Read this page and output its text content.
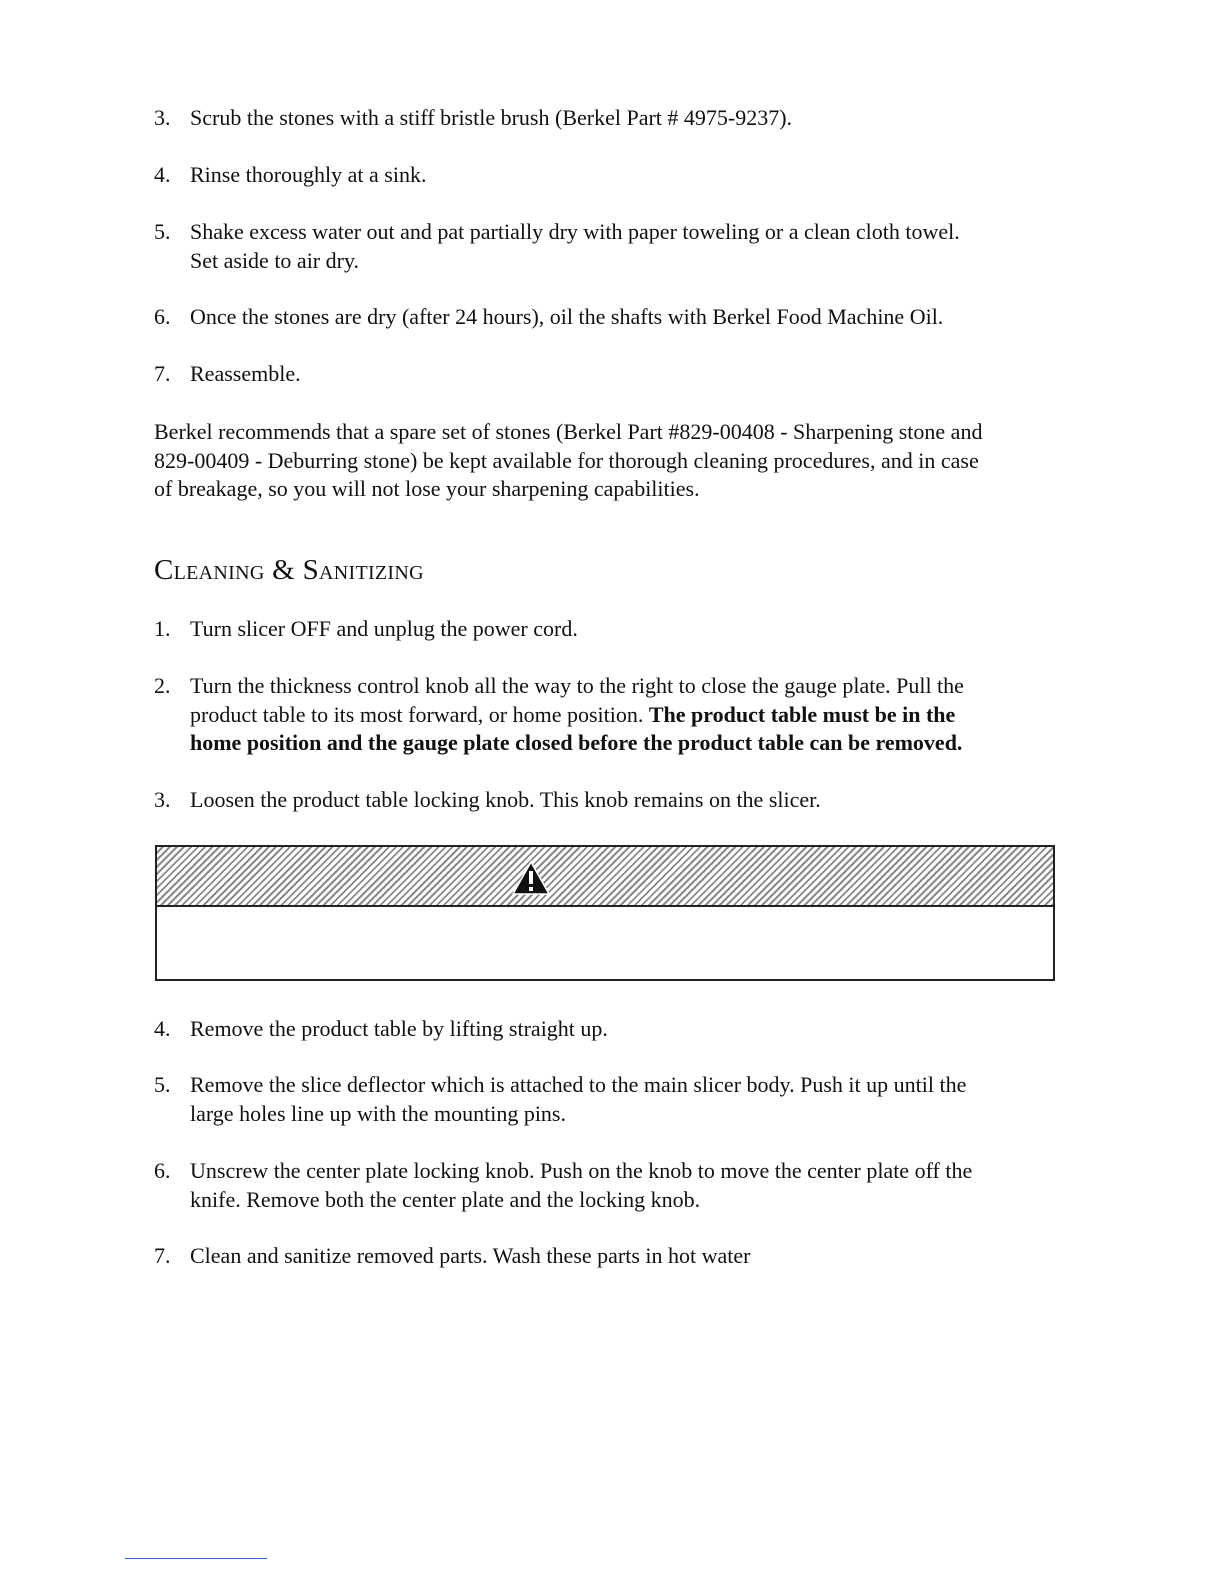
3. Scrub the stones with a stiff bristle brush (Berkel Part # 4975-9237).
4. Rinse thoroughly at a sink.
5. Shake excess water out and pat partially dry with paper toweling or a clean cloth towel.
Set aside to air dry.
6. Once the stones are dry (after 24 hours), oil the shafts with Berkel Food Machine Oil.
7. Reassemble.
Berkel recommends that a spare set of stones (Berkel Part #829-00408 - Sharpening stone and
829-00409 - Deburring stone) be kept available for thorough cleaning procedures, and in case
of breakage, so you will not lose your sharpening capabilities.
Cleaning & Sanitizing
1. Turn slicer OFF and unplug the power cord.
2. Turn the thickness control knob all the way to the right to close the gauge plate. Pull the
product table to its most forward, or home position. The product table must be in the
home position and the gauge plate closed before the product table can be removed.
3. Loosen the product table locking knob. This knob remains on the slicer.
4. Remove the product table by lifting straight up.
5. Remove the slice deflector which is attached to the main slicer body. Push it up until the
large holes line up with the mounting pins.
6. Unscrew the center plate locking knob. Push on the knob to move the center plate off the
knife. Remove both the center plate and the locking knob.
7. Clean and sanitize removed parts. Wash these parts in hot water
